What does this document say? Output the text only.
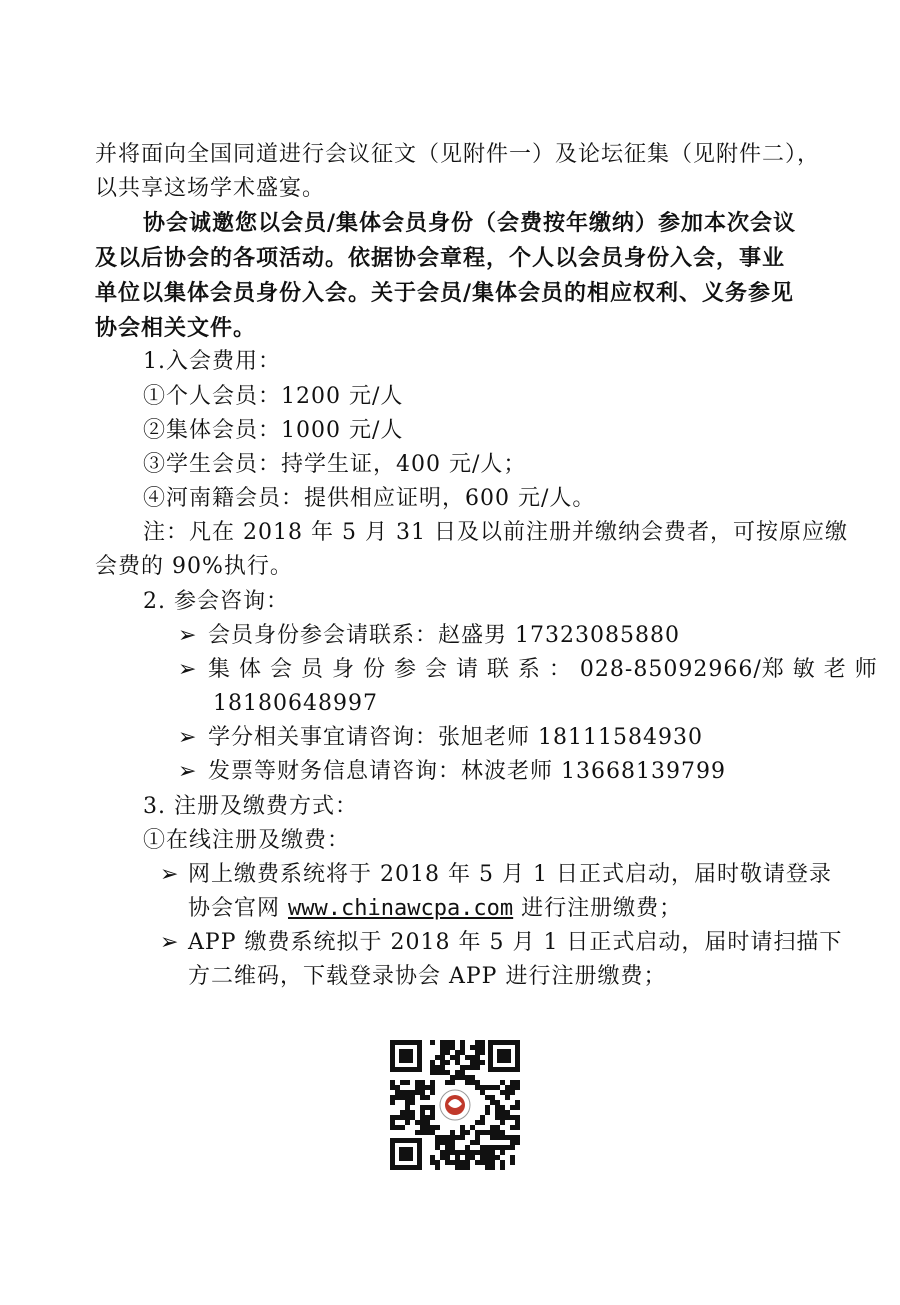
并将面向全国同道进行会议征文（见附件一）及论坛征集（见附件二），
以共享这场学术盛宴。
协会诚邀您以会员/集体会员身份（会费按年缴纳）参加本次会议
及以后协会的各项活动。依据协会章程，个人以会员身份入会，事业
单位以集体会员身份入会。关于会员/集体会员的相应权利、义务参见
协会相关文件。
1.入会费用：
①个人会员：1200 元/人
②集体会员：1000 元/人
③学生会员：持学生证，400 元/人；
④河南籍会员：提供相应证明，600 元/人。
注：凡在 2018 年 5 月 31 日及以前注册并缴纳会费者，可按原应缴
会费的 90%执行。
2. 参会咨询：
➢ 会员身份参会请联系：赵盛男 17323085880
➢ 集 体 会 员 身 份 参 会 请 联 系 ： 028-85092966/郑 敏 老 师
18180648997
➢ 学分相关事宜请咨询：张旭老师 18111584930
➢ 发票等财务信息请咨询：林波老师 13668139799
3. 注册及缴费方式：
①在线注册及缴费：
➢ 网上缴费系统将于 2018 年 5 月 1 日正式启动，届时敬请登录
协会官网 www.chinawcpa.com 进行注册缴费；
➢ APP 缴费系统拟于 2018 年 5 月 1 日正式启动，届时请扫描下
方二维码，下载登录协会 APP 进行注册缴费；
